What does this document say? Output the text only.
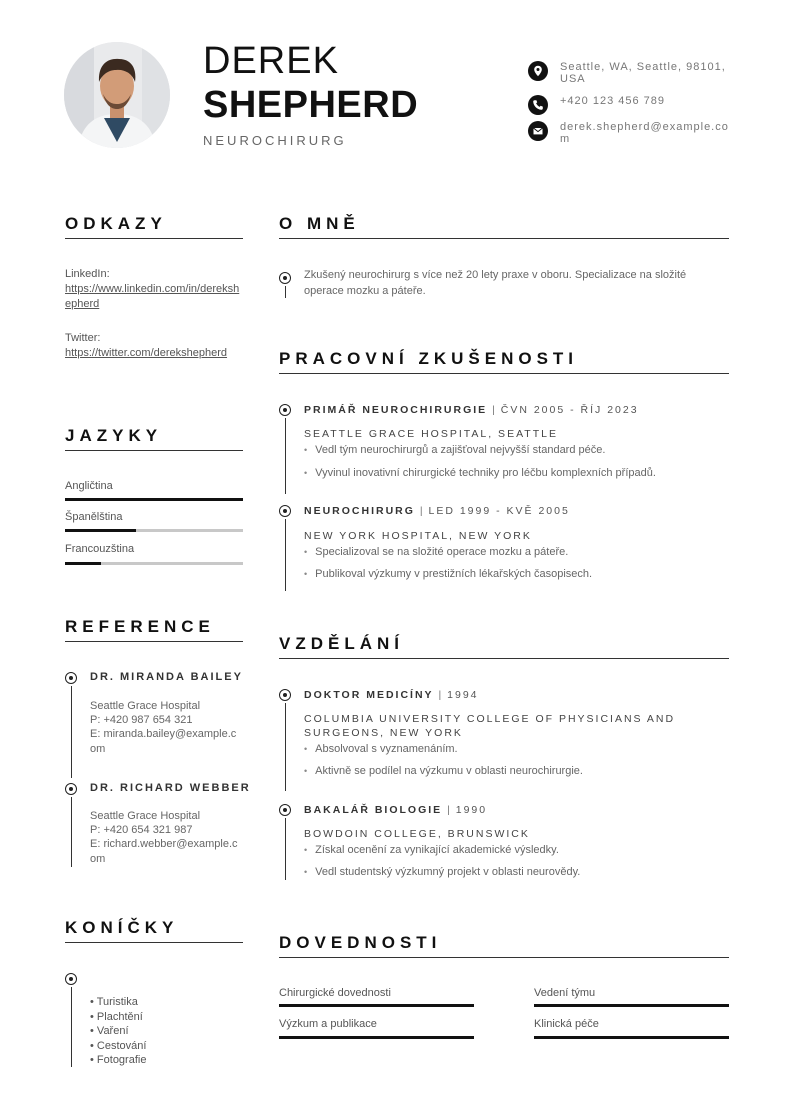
DEREK
SHEPHERD
NEUROCHIRURG
Seattle, WA, Seattle, 98101, USA
+420 123 456 789
derek.shepherd@example.com
ODKAZY
LinkedIn:
https://www.linkedin.com/in/derekshepherd
Twitter:
https://twitter.com/derekshepherd
JAZYKY
Angličtina
Španělština
Francouzština
REFERENCE
DR. MIRANDA BAILEY
Seattle Grace Hospital
P: +420 987 654 321
E: miranda.bailey@example.com
DR. RICHARD WEBBER
Seattle Grace Hospital
P: +420 654 321 987
E: richard.webber@example.com
KONÍČKY
• Turistika
• Plachtění
• Vaření
• Cestování
• Fotografie
O MNĚ
Zkušený neurochirurg s více než 20 lety praxe v oboru. Specializace na složité operace mozku a páteře.
PRACOVNÍ ZKUŠENOSTI
PRIMÁŘ NEUROCHIRURGIE | ČVN 2005 - ŘÍJ 2023
SEATTLE GRACE HOSPITAL, SEATTLE
• Vedl tým neurochirurgů a zajišťoval nejvyšší standard péče.
• Vyvinul inovativní chirurgické techniky pro léčbu komplexních případů.
NEUROCHIRURG | LED 1999 - KVĚ 2005
NEW YORK HOSPITAL, NEW YORK
• Specializoval se na složité operace mozku a páteře.
• Publikoval výzkumy v prestižních lékařských časopisech.
VZDĚLÁNÍ
DOKTOR MEDICÍNY | 1994
COLUMBIA UNIVERSITY COLLEGE OF PHYSICIANS AND SURGEONS, NEW YORK
• Absolvoval s vyznamenáním.
• Aktivně se podílel na výzkumu v oblasti neurochirurgie.
BAKALÁŘ BIOLOGIE | 1990
BOWDOIN COLLEGE, BRUNSWICK
• Získal ocenění za vynikající akademické výsledky.
• Vedl studentský výzkumný projekt v oblasti neurovědy.
DOVEDNOSTI
Chirurgické dovednosti	Vedení týmu
Výzkum a publikace	Klinická péče
